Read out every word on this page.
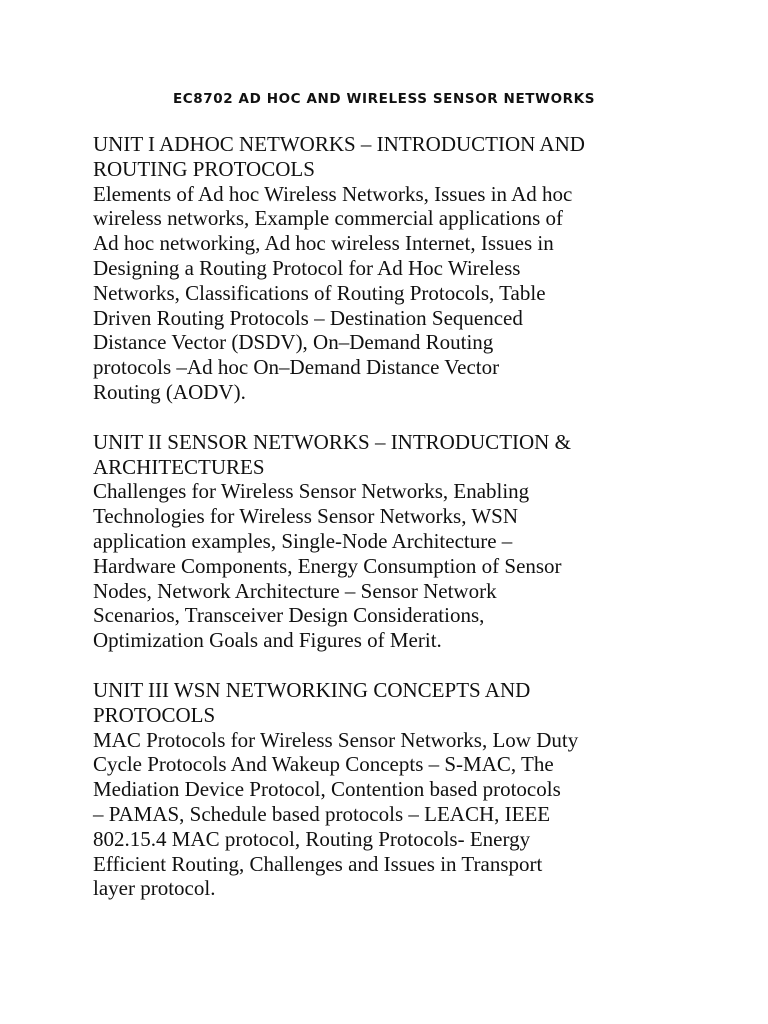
EC8702 AD HOC AND WIRELESS SENSOR NETWORKS

UNIT I ADHOC NETWORKS – INTRODUCTION AND
ROUTING PROTOCOLS

Elements of Ad hoc Wireless Networks, Issues in Ad hoc
wireless networks, Example commercial applications of
Ad hoc networking, Ad hoc wireless Internet, Issues in
Designing a Routing Protocol for Ad Hoc Wireless
Networks, Classifications of Routing Protocols, Table
Driven Routing Protocols – Destination Sequenced
Distance Vector (DSDV), On–Demand Routing
protocols –Ad hoc On–Demand Distance Vector
Routing (AODV).

UNIT II SENSOR NETWORKS – INTRODUCTION &
ARCHITECTURES

Challenges for Wireless Sensor Networks, Enabling
Technologies for Wireless Sensor Networks, WSN
application examples, Single-Node Architecture –
Hardware Components, Energy Consumption of Sensor
Nodes, Network Architecture – Sensor Network
Scenarios, Transceiver Design Considerations,
Optimization Goals and Figures of Merit.

UNIT III WSN NETWORKING CONCEPTS AND
PROTOCOLS

MAC Protocols for Wireless Sensor Networks, Low Duty
Cycle Protocols And Wakeup Concepts – S-MAC, The
Mediation Device Protocol, Contention based protocols
– PAMAS, Schedule based protocols – LEACH, IEEE
802.15.4 MAC protocol, Routing Protocols- Energy
Efficient Routing, Challenges and Issues in Transport
layer protocol.
